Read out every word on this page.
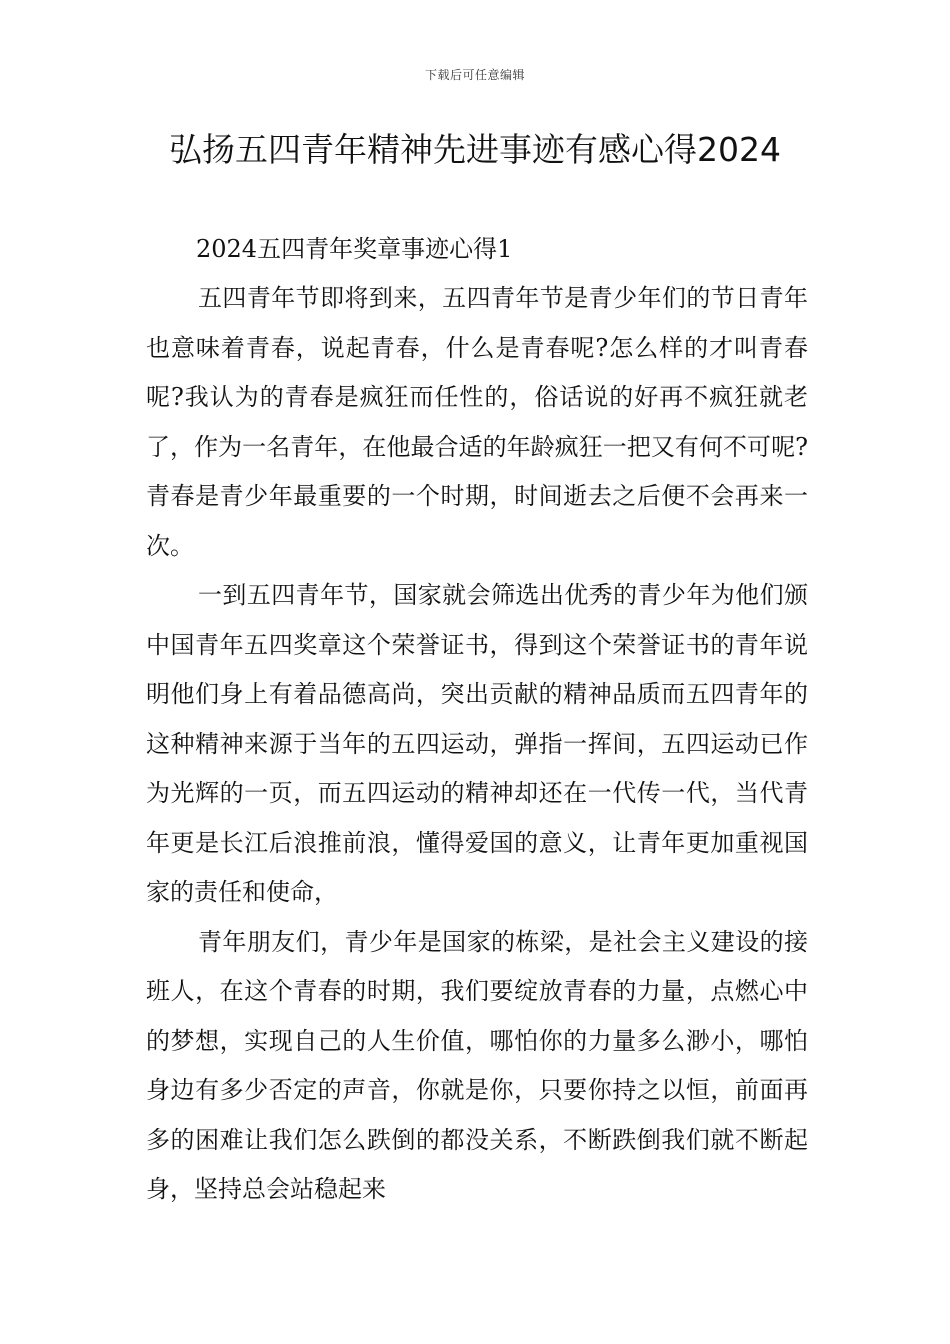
下载后可任意编辑
弘扬五四青年精神先进事迹有感心得2024

2024五四青年奖章事迹心得1

五四青年节即将到来，五四青年节是青少年们的节日青年也意味着青春，说起青春，什么是青春呢?怎么样的才叫青春呢?我认为的青春是疯狂而任性的，俗话说的好再不疯狂就老了，作为一名青年，在他最合适的年龄疯狂一把又有何不可呢?青春是青少年最重要的一个时期，时间逝去之后便不会再来一次。

一到五四青年节，国家就会筛选出优秀的青少年为他们颁中国青年五四奖章这个荣誉证书，得到这个荣誉证书的青年说明他们身上有着品德高尚，突出贡献的精神品质而五四青年的这种精神来源于当年的五四运动，弹指一挥间，五四运动已作为光辉的一页，而五四运动的精神却还在一代传一代，当代青年更是长江后浪推前浪，懂得爱国的意义，让青年更加重视国家的责任和使命，

青年朋友们，青少年是国家的栋梁，是社会主义建设的接班人，在这个青春的时期，我们要绽放青春的力量，点燃心中的梦想，实现自己的人生价值，哪怕你的力量多么渺小，哪怕身边有多少否定的声音，你就是你，只要你持之以恒，前面再多的困难让我们怎么跌倒的都没关系，不断跌倒我们就不断起身，坚持总会站稳起来
